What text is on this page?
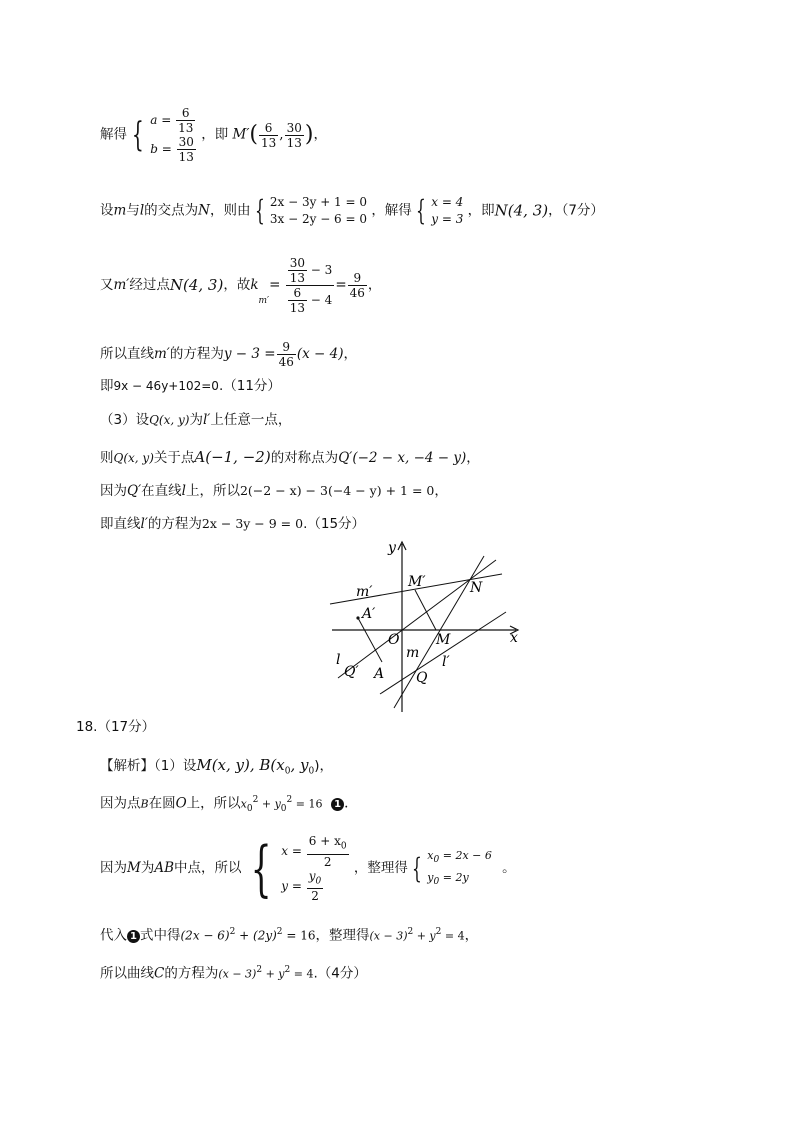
解得 { $a = \frac{6}{13}$
$b = \frac{30}{13}$
，即 $M'( \frac{6}{13}$ , $\frac{30}{13}$ )，
设m与l的交点为N，则由 { 2x − 3y + 1 = 0
3x − 2y − 6 = 0
，解得 { x = 4
y = 3
，即N(4, 3)，（7分）
又m′经过点N(4, 3)，故$k_{m'}= \frac{\frac{30}{13} - 3}{\frac{6}{13} - 4} = \frac{9}{46}$ ，
所以直线m′的方程为$y - 3 = \frac{9}{46} (x - 4)$，
即9x − 46y+102=0.（11分）
（3）设Q(x, y)为l′上任意一点，
则Q(x, y)关于点A(−1, −2)的对称点为Q′(−2 − x, −4 − y)，
因为Q′在直线l上，所以2(−2 − x) − 3(−4 − y) + 1 = 0，
即直线l′的方程为2x − 3y − 9 = 0.（15分）
y
x
O
M′	N
m′
A′
M
m
l
Q′ A Q
l′
18.（17分）
【解析】（1）设M(x, y), $B(x_0$, $y_0$)，
因为点B在圆O上，所以$x_0^2 + y_0^2 = 16$ 1 .
因为M为AB中点，所以 { $x = \frac{6 + x_0}{2}$
$y = \frac{y_0}{2}$
，整理得 { $x_0 = 2x - 6$
$y_0 = 2y$
。
代入 1 式中得$(2x - 6)^2 + (2y)^2 = 16$，整理得$(x - 3)^2 + y^2 = 4$，
所以曲线C的方程为$(x - 3)^2 + y^2 = 4.(4$分）
